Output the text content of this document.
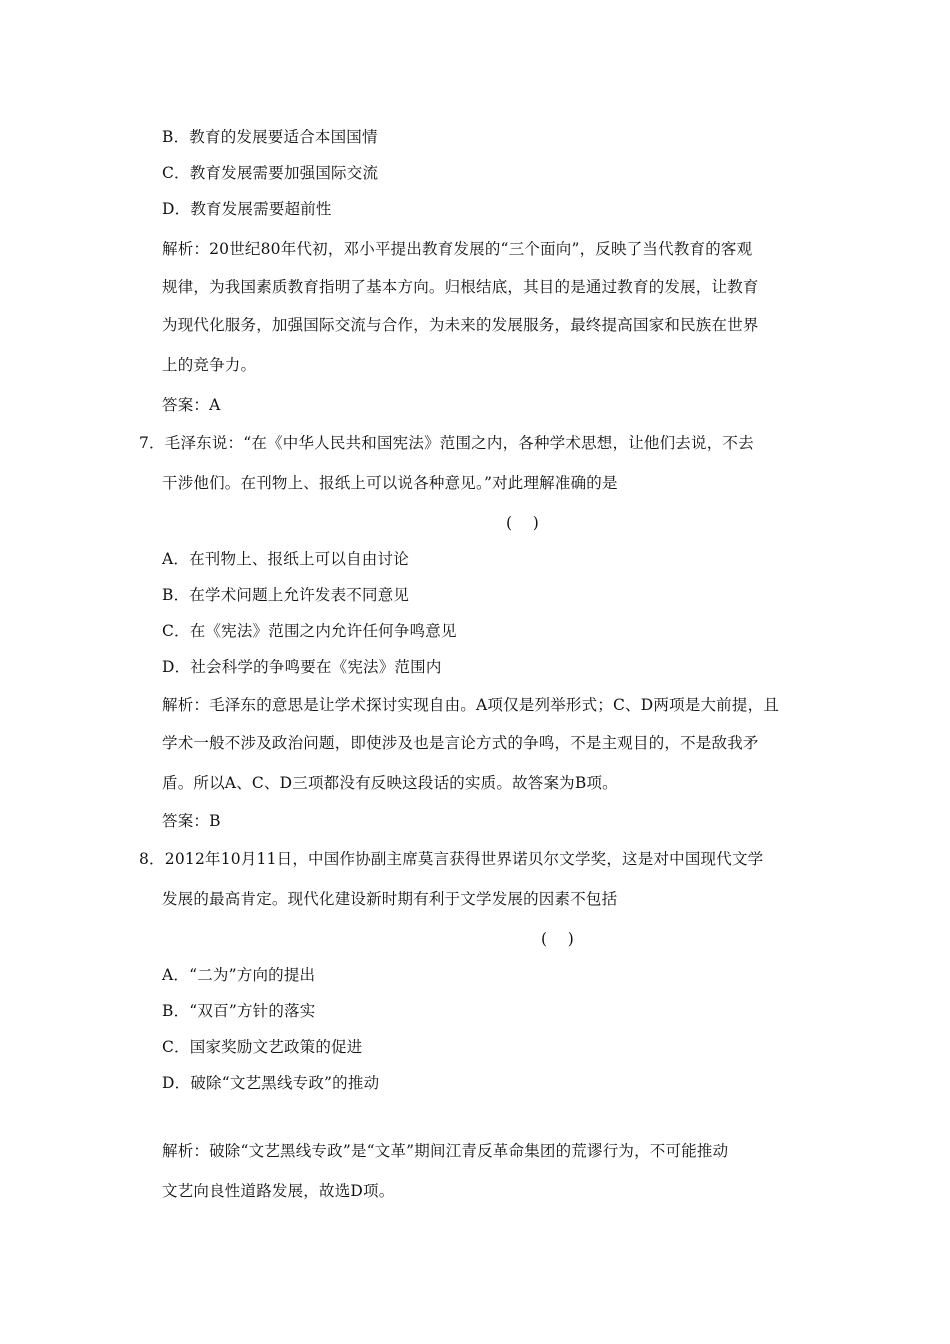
B．教育的发展要适合本国国情
C．教育发展需要加强国际交流
D．教育发展需要超前性
解析：20世纪80年代初，邓小平提出教育发展的“三个面向”，反映了当代教育的客观
规律，为我国素质教育指明了基本方向。归根结底，其目的是通过教育的发展，让教育
为现代化服务，加强国际交流与合作，为未来的发展服务，最终提高国家和民族在世界
上的竞争力。
答案：A
7．毛泽东说：“在《中华人民共和国宪法》范围之内，各种学术思想，让他们去说，不去
干涉他们。在刊物上、报纸上可以说各种意见。”对此理解准确的是
(    )
A．在刊物上、报纸上可以自由讨论
B．在学术问题上允许发表不同意见
C．在《宪法》范围之内允许任何争鸣意见
D．社会科学的争鸣要在《宪法》范围内
解析：毛泽东的意思是让学术探讨实现自由。A项仅是列举形式；C、D两项是大前提，且
学术一般不涉及政治问题，即使涉及也是言论方式的争鸣，不是主观目的，不是敌我矛
盾。所以A、C、D三项都没有反映这段话的实质。故答案为B项。
答案：B
8．2012年10月11日，中国作协副主席莫言获得世界诺贝尔文学奖，这是对中国现代文学
发展的最高肯定。现代化建设新时期有利于文学发展的因素不包括
(    )
A．“二为”方向的提出
B．“双百”方针的落实
C．国家奖励文艺政策的促进
D．破除“文艺黑线专政”的推动
解析：破除“文艺黑线专政”是“文革”期间江青反革命集团的荒谬行为，不可能推动
文艺向良性道路发展，故选D项。
